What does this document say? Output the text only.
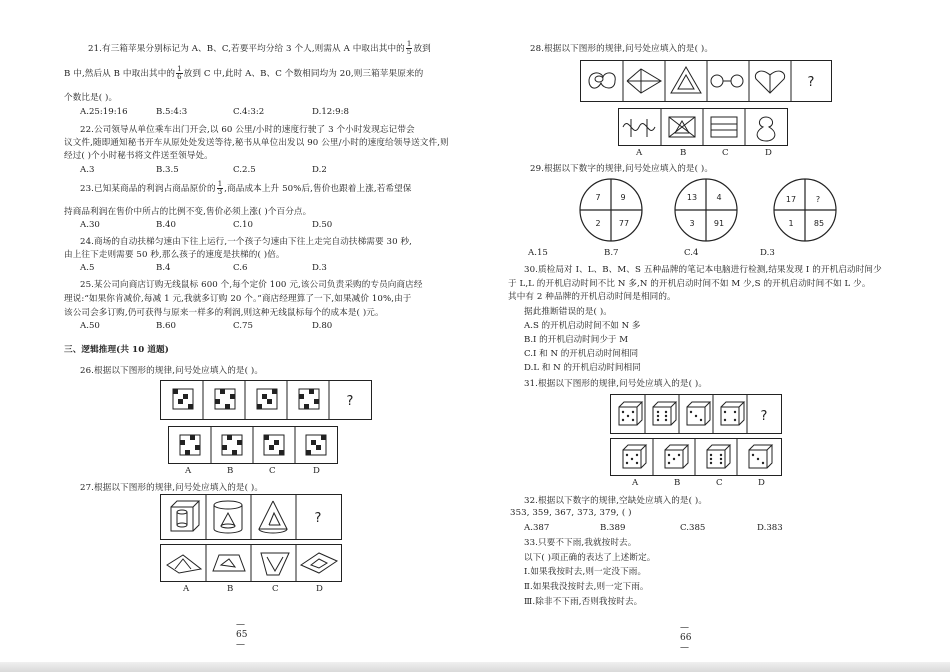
21.有三箱苹果分别标记为 A、B、C,若要平均分给 3 个人,则需从 A 中取出其中的 $\frac{1}{5}$ 放到
B 中,然后从 B 中取出其中的 $\frac{1}{6}$ 放到 C 中,此时 A、B、C 个数相同均为 20,则三箱苹果原来的
个数比是( )。
A.25:19:16	B.5:4:3	C.4:3:2	D.12:9:8
22.公司领导从单位乘车出门开会,以 60 公里/小时的速度行驶了 3 个小时发现忘记带会
议文件,随即通知秘书开车从原处处发送等待,秘书从单位出发以 90 公里/小时的速度给领导送文件,则
经过( )个小时秘书将文件送至领导处。
A.3	B.3.5	C.2.5	D.2
23.已知某商品的利润占商品原价的 $\frac{1}{3}$ ,商品成本上升 50%后,售价也跟着上涨,若希望保
持商品利润在售价中所占的比例不变,售价必须上涨( )个百分点。
A.30	B.40	C.10	D.50
24.商场的自动扶梯匀速由下往上运行,一个孩子匀速由下往上走完自动扶梯需要 30 秒,
由上往下走则需要 50 秒,那么孩子的速度是扶梯的( )倍。
A.5	B.4	C.6	D.3
25.某公司向商店订购无线鼠标 600 个,每个定价 100 元,该公司负责采购的专员向商店经
理说:“如果你肯减价,每减 1 元,我就多订购 20 个。”商店经理算了一下,如果减价 10%,由于
该公司会多订购,仍可获得与原来一样多的利润,则这种无线鼠标每个的成本是( )元。
A.50	B.60	C.75	D.80
三、逻辑推理(共 10 道题)
26.根据以下图形的规律,问号处应填入的是( )。
?
A	B	C	D
27.根据以下图形的规律,问号处应填入的是( )。
?
A	B	C	D
— 65 —
28.根据以下图形的规律,问号处应填入的是( )。
?
A	B	C	D
29.根据以下数字的规律,问号处应填入的是( )。
7 9
2 77
13 4
3 91
17 ?
1	85
A.15	B.7	C.4	D.3
30.质检局对 I、L、B、M、S 五种品牌的笔记本电脑进行检测,结果发现 I 的开机启动时间少
于 L,L 的开机启动时间不比 N 多,N 的开机启动时间不如 M 少,S 的开机启动时间不如 L 少。
其中有 2 种品牌的开机启动时间是相同的。
据此推断错误的是( )。
A.S 的开机启动时间不如 N 多
B.I 的开机启动时间少于 M
C.I 和 N 的开机启动时间相同
D.L 和 N 的开机启动时间相同
31.根据以下图形的规律,问号处应填入的是( )。
?
A	B	C	D
32.根据以下数字的规律,空缺处应填入的是( )。
353, 359, 367, 373, 379, ( )
A.387	B.389	C.385	D.383
33.只要不下雨,我就按时去。
以下( )项正确的表达了上述断定。
Ⅰ.如果我按时去,则一定没下雨。
Ⅱ.如果我没按时去,则一定下雨。
Ⅲ.除非不下雨,否则我按时去。
— 66 —
